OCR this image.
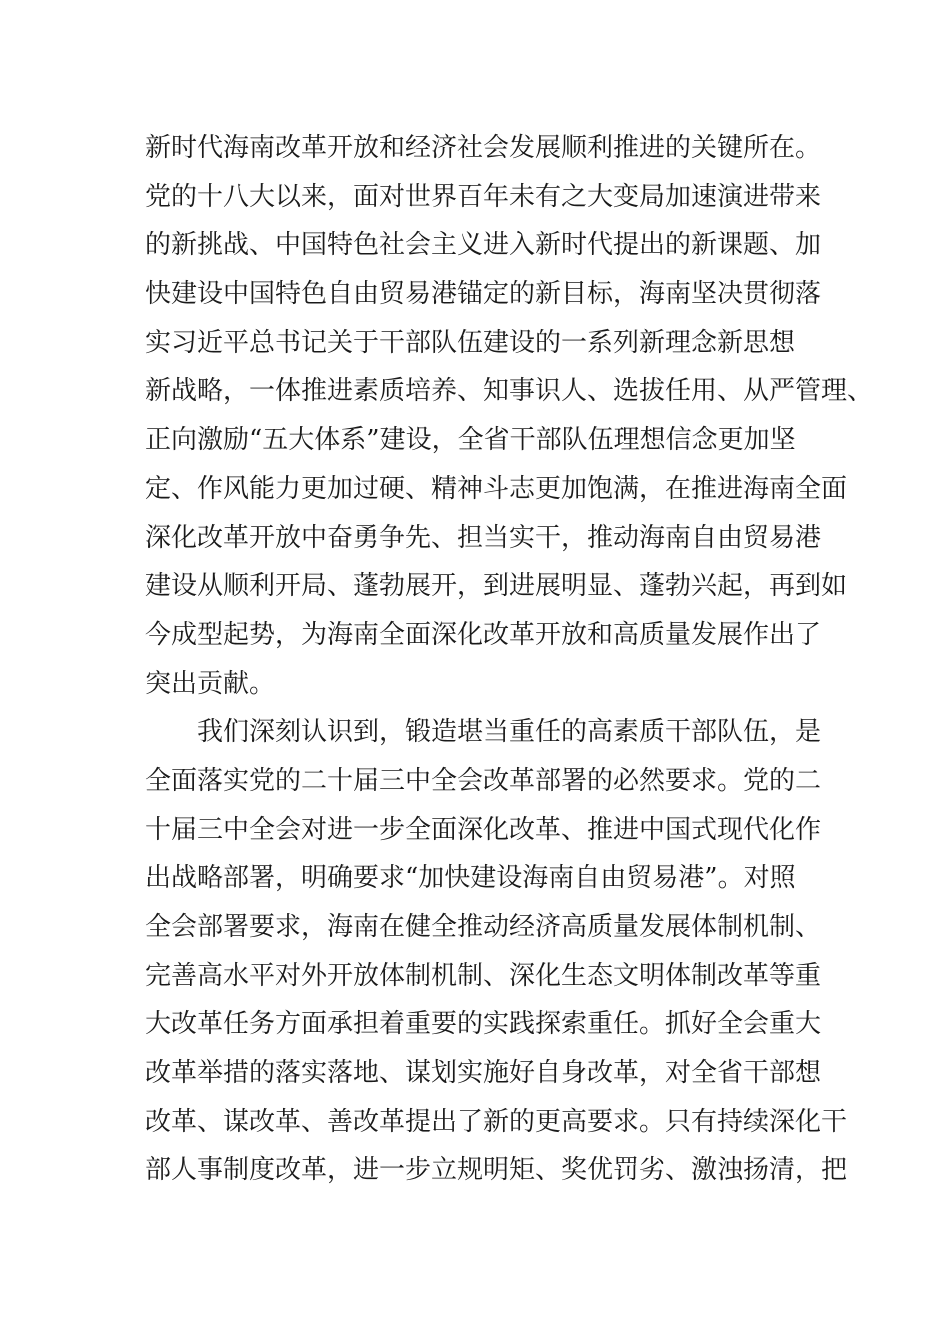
新时代海南改革开放和经济社会发展顺利推进的关键所在。
党的十八大以来，面对世界百年未有之大变局加速演进带来
的新挑战、中国特色社会主义进入新时代提出的新课题、加
快建设中国特色自由贸易港锚定的新目标，海南坚决贯彻落
实习近平总书记关于干部队伍建设的一系列新理念新思想
新战略，一体推进素质培养、知事识人、选拔任用、从严管理、
正向激励“五大体系”建设，全省干部队伍理想信念更加坚
定、作风能力更加过硬、精神斗志更加饱满，在推进海南全面
深化改革开放中奋勇争先、担当实干，推动海南自由贸易港
建设从顺利开局、蓬勃展开，到进展明显、蓬勃兴起，再到如
今成型起势，为海南全面深化改革开放和高质量发展作出了
突出贡献。
　　我们深刻认识到，锻造堪当重任的高素质干部队伍，是
全面落实党的二十届三中全会改革部署的必然要求。党的二
十届三中全会对进一步全面深化改革、推进中国式现代化作
出战略部署，明确要求“加快建设海南自由贸易港”。对照
全会部署要求，海南在健全推动经济高质量发展体制机制、
完善高水平对外开放体制机制、深化生态文明体制改革等重
大改革任务方面承担着重要的实践探索重任。抓好全会重大
改革举措的落实落地、谋划实施好自身改革，对全省干部想
改革、谋改革、善改革提出了新的更高要求。只有持续深化干
部人事制度改革，进一步立规明矩、奖优罚劣、激浊扬清，把
